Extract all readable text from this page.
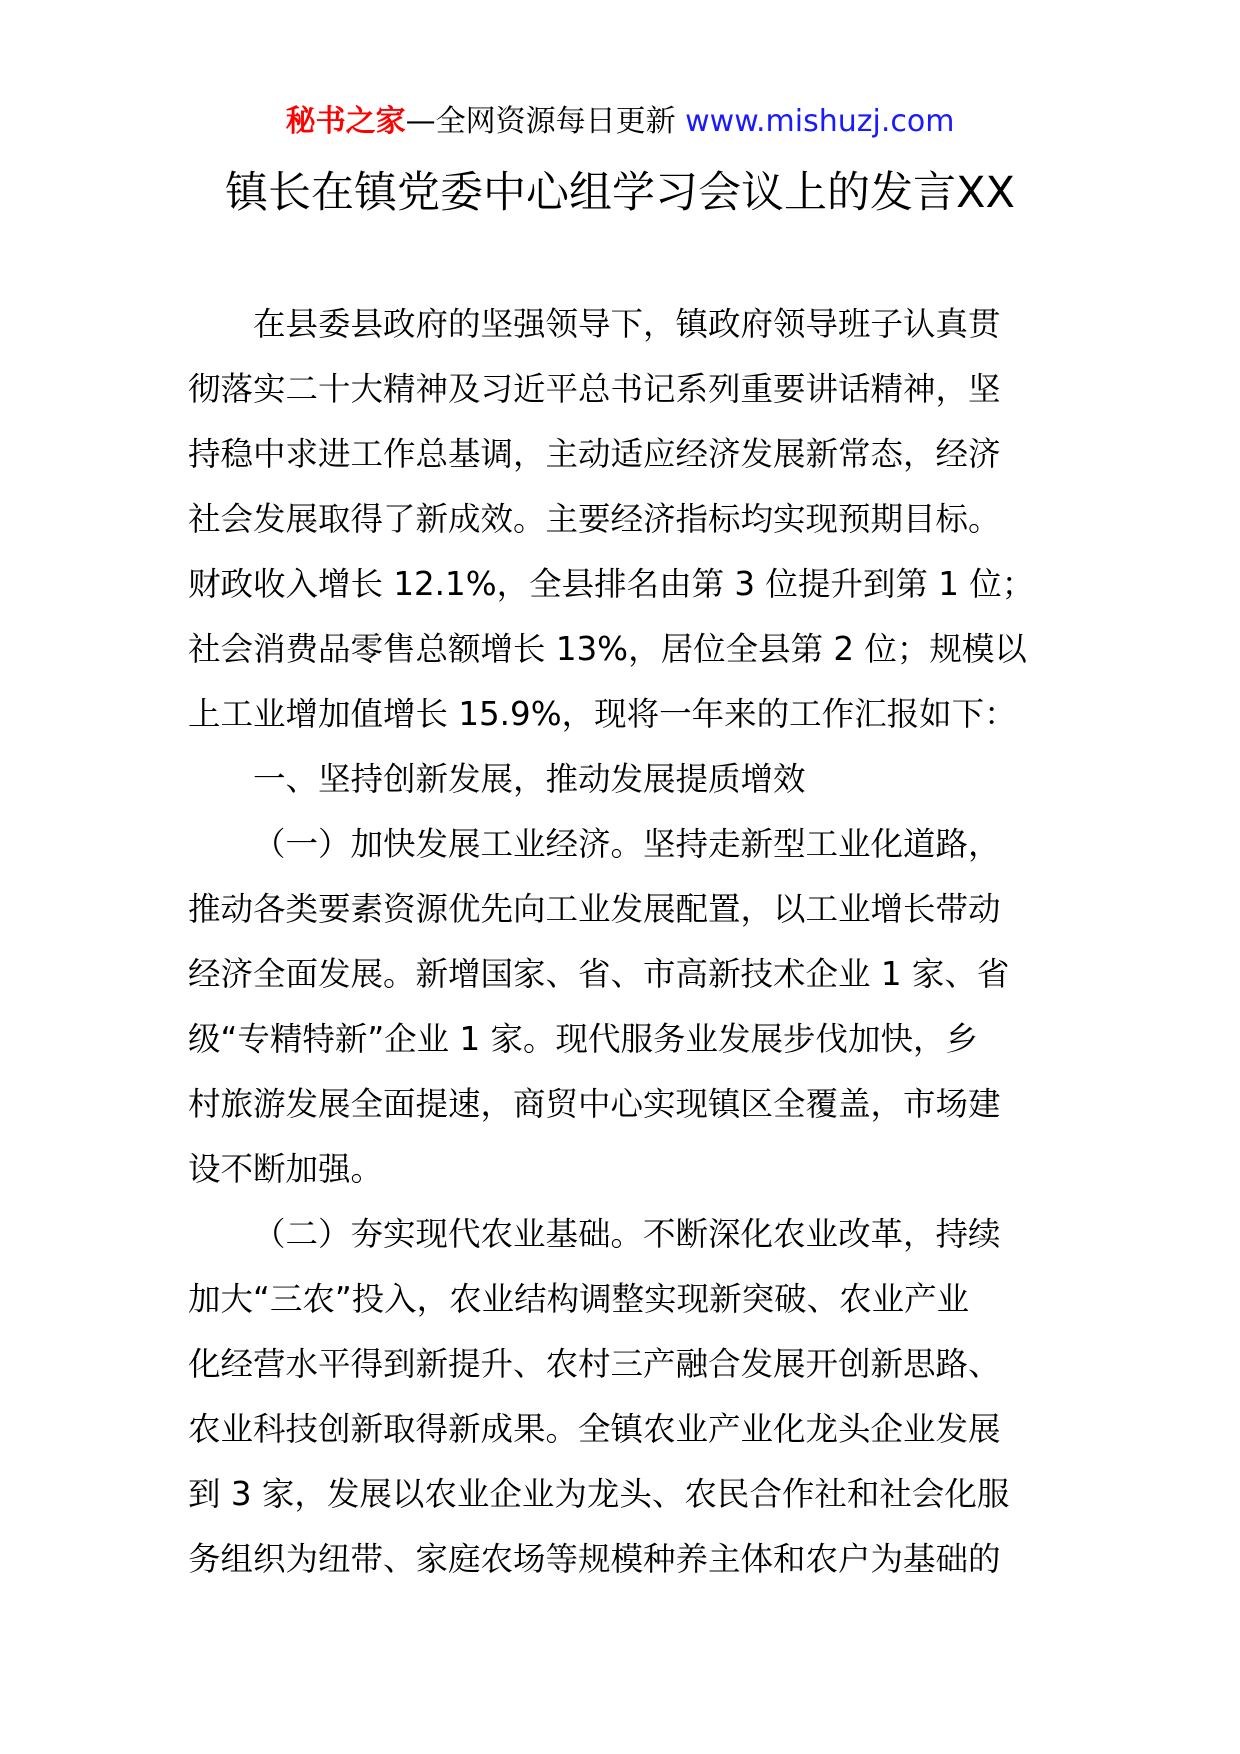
秘书之家—全网资源每日更新 www.mishuzj.com
镇长在镇党委中心组学习会议上的发言XX
在县委县政府的坚强领导下，镇政府领导班子认真贯
彻落实二十大精神及习近平总书记系列重要讲话精神，坚
持稳中求进工作总基调，主动适应经济发展新常态，经济
社会发展取得了新成效。主要经济指标均实现预期目标。
财政收入增长 12.1%，全县排名由第 3 位提升到第 1 位；
社会消费品零售总额增长 13%，居位全县第 2 位；规模以
上工业增加值增长 15.9%，现将一年来的工作汇报如下：
一、坚持创新发展，推动发展提质增效
（一）加快发展工业经济。坚持走新型工业化道路，
推动各类要素资源优先向工业发展配置，以工业增长带动
经济全面发展。新增国家、省、市高新技术企业 1 家、省
级“专精特新”企业 1 家。现代服务业发展步伐加快，乡
村旅游发展全面提速，商贸中心实现镇区全覆盖，市场建
设不断加强。
（二）夯实现代农业基础。不断深化农业改革，持续
加大“三农”投入，农业结构调整实现新突破、农业产业
化经营水平得到新提升、农村三产融合发展开创新思路、
农业科技创新取得新成果。全镇农业产业化龙头企业发展
到 3 家，发展以农业企业为龙头、农民合作社和社会化服
务组织为纽带、家庭农场等规模种养主体和农户为基础的
